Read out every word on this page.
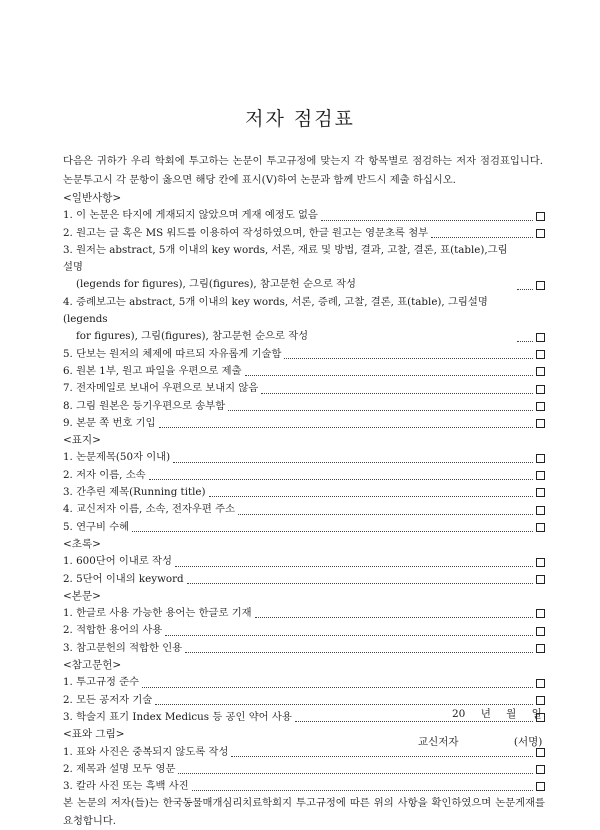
저자 점검표

다음은 귀하가 우리 학회에 투고하는 논문이 투고규정에 맞는지 각 항목별로 점검하는 저자 점검표입니다. 논문투고시 각 문항이 옳으면 해당 칸에 표시(V)하여 논문과 함께 반드시 제출 하십시오.

<일반사항>
1. 이 논문은 타지에 게재되지 않았으며 게재 예정도 없음
2. 원고는 글 혹은 MS 워드를 이용하여 작성하였으며, 한글 원고는 영문초록 첨부
3. 원저는 abstract, 5개 이내의 key words, 서론, 재료 및 방법, 결과, 고찰, 결론, 표(table),그림설명
(legends for figures), 그림(figures), 참고문헌 순으로 작성
4. 증례보고는 abstract, 5개 이내의 key words, 서론, 증례, 고찰, 결론, 표(table), 그림설명(legends
for figures), 그림(figures), 참고문헌 순으로 작성
5. 단보는 원저의 체제에 따르되 자유롭게 기술함
6. 원본 1부, 원고 파일을 우편으로 제출
7. 전자메일로 보내어 우편으로 보내지 않음
8. 그림 원본은 등기우편으로 송부함
9. 본문 쪽 번호 기입
<표지>
1. 논문제목(50자 이내)
2. 저자 이름, 소속
3. 간추린 제목(Running title)
4. 교신저자 이름, 소속, 전자우편 주소
5. 연구비 수혜
<초록>
1. 600단어 이내로 작성
2. 5단어 이내의 keyword
<본문>
1. 한글로 사용 가능한 용어는 한글로 기재
2. 적합한 용어의 사용
3. 참고문헌의 적합한 인용
<참고문헌>
1. 투고규정 준수
2. 모든 공저자 기술
3. 학술지 표기 Index Medicus 등 공인 약어 사용
<표와 그림>
1. 표와 사진은 중복되지 않도록 작성
2. 제목과 설명 모두 영문
3. 칼라 사진 또는 흑백 사진
본 논문의 저자(들)는 한국동물매개심리치료학회지 투고규정에 따른 위의 사항을 확인하였으며 논문게재를 요청합니다.
20 년 월 일
교신저자	(서명)
